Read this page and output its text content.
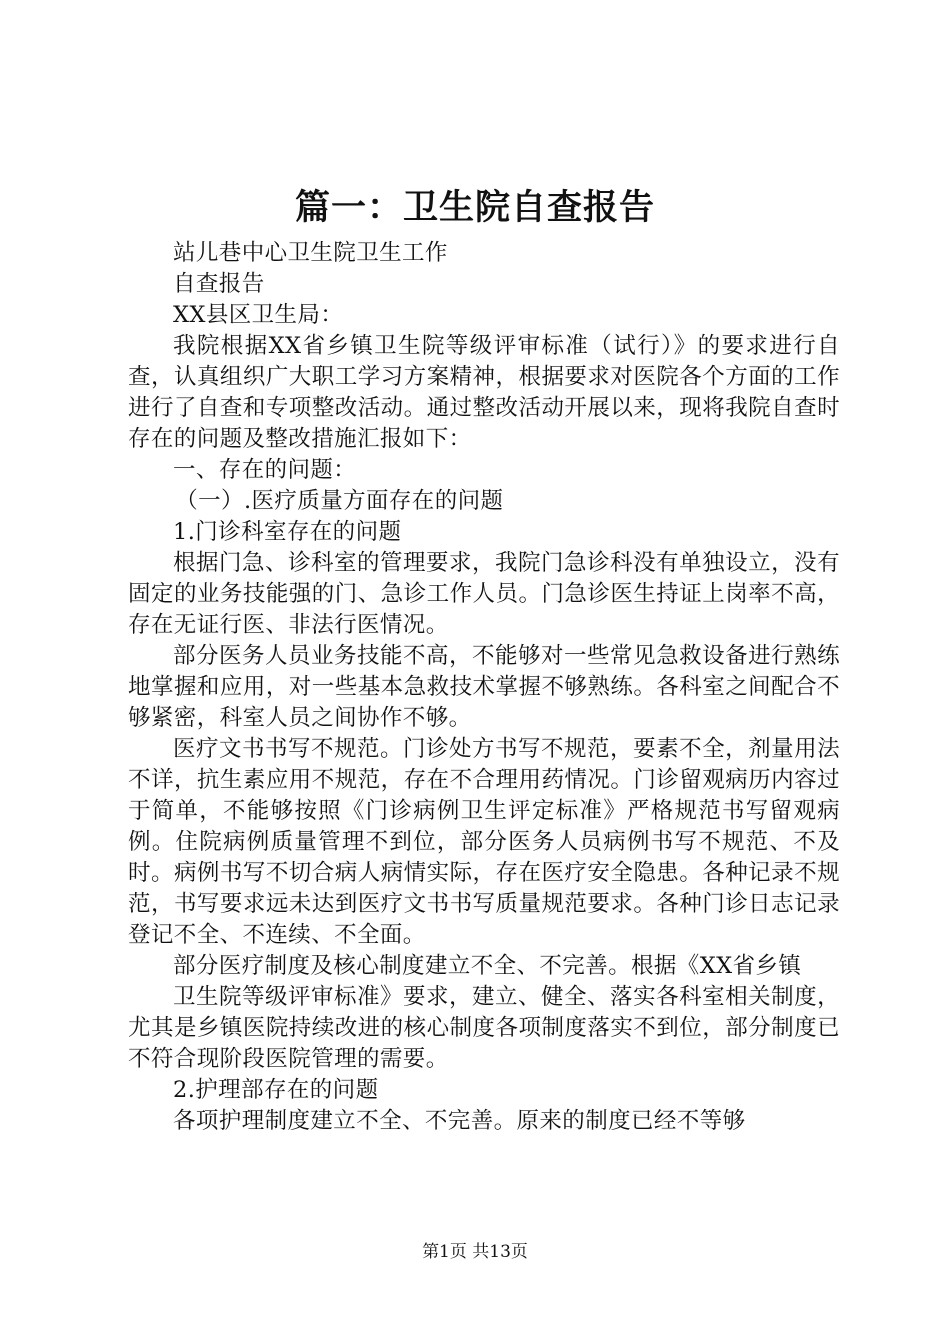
篇一：卫生院自查报告

站儿巷中心卫生院卫生工作

自查报告

XX县区卫生局：

我院根据XX省乡镇卫生院等级评审标准（试行）》的要求进行自查，认真组织广大职工学习方案精神，根据要求对医院各个方面的工作进行了自查和专项整改活动。通过整改活动开展以来，现将我院自查时存在的问题及整改措施汇报如下：

一、存在的问题：

（一）.医疗质量方面存在的问题

1.门诊科室存在的问题

根据门急、诊科室的管理要求，我院门急诊科没有单独设立，没有固定的业务技能强的门、急诊工作人员。门急诊医生持证上岗率不高，存在无证行医、非法行医情况。

部分医务人员业务技能不高，不能够对一些常见急救设备进行熟练地掌握和应用，对一些基本急救技术掌握不够熟练。各科室之间配合不够紧密，科室人员之间协作不够。

医疗文书书写不规范。门诊处方书写不规范，要素不全，剂量用法不详，抗生素应用不规范，存在不合理用药情况。门诊留观病历内容过于简单，不能够按照《门诊病例卫生评定标准》严格规范书写留观病例。住院病例质量管理不到位，部分医务人员病例书写不规范、不及时。病例书写不切合病人病情实际，存在医疗安全隐患。各种记录不规范，书写要求远未达到医疗文书书写质量规范要求。各种门诊日志记录登记不全、不连续、不全面。

部分医疗制度及核心制度建立不全、不完善。根据《XX省乡镇

卫生院等级评审标准》要求，建立、健全、落实各科室相关制度，尤其是乡镇医院持续改进的核心制度各项制度落实不到位，部分制度已不符合现阶段医院管理的需要。

2.护理部存在的问题

各项护理制度建立不全、不完善。原来的制度已经不等够

第1页 共13页
